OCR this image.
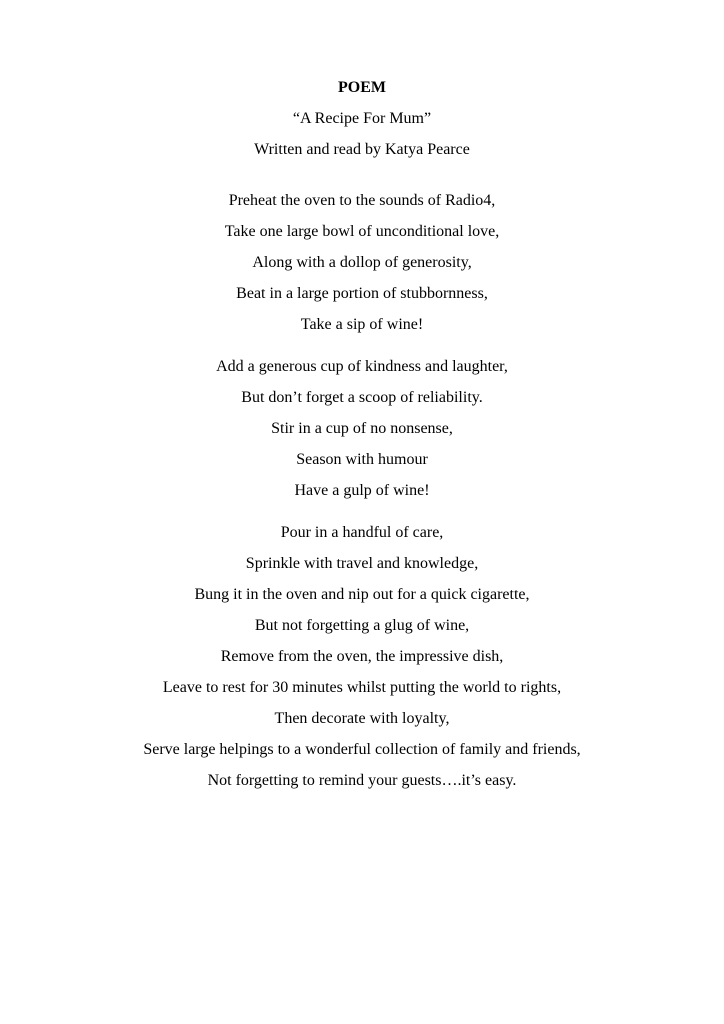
POEM
“A Recipe For Mum”
Written and read by Katya Pearce
Preheat the oven to the sounds of Radio4,
Take one large bowl of unconditional love,
Along with a dollop of generosity,
Beat in a large portion of stubbornness,
Take a sip of wine!
Add a generous cup of kindness and laughter,
But don’t forget a scoop of reliability.
Stir in a cup of no nonsense,
Season with humour
Have a gulp of wine!
Pour in a handful of care,
Sprinkle with travel and knowledge,
Bung it in the oven and nip out for a quick cigarette,
But not forgetting a glug of wine,
Remove from the oven, the impressive dish,
Leave to rest for 30 minutes whilst putting the world to rights,
Then decorate with loyalty,
Serve large helpings to a wonderful collection of family and friends,
Not forgetting to remind your guests….it’s easy.
